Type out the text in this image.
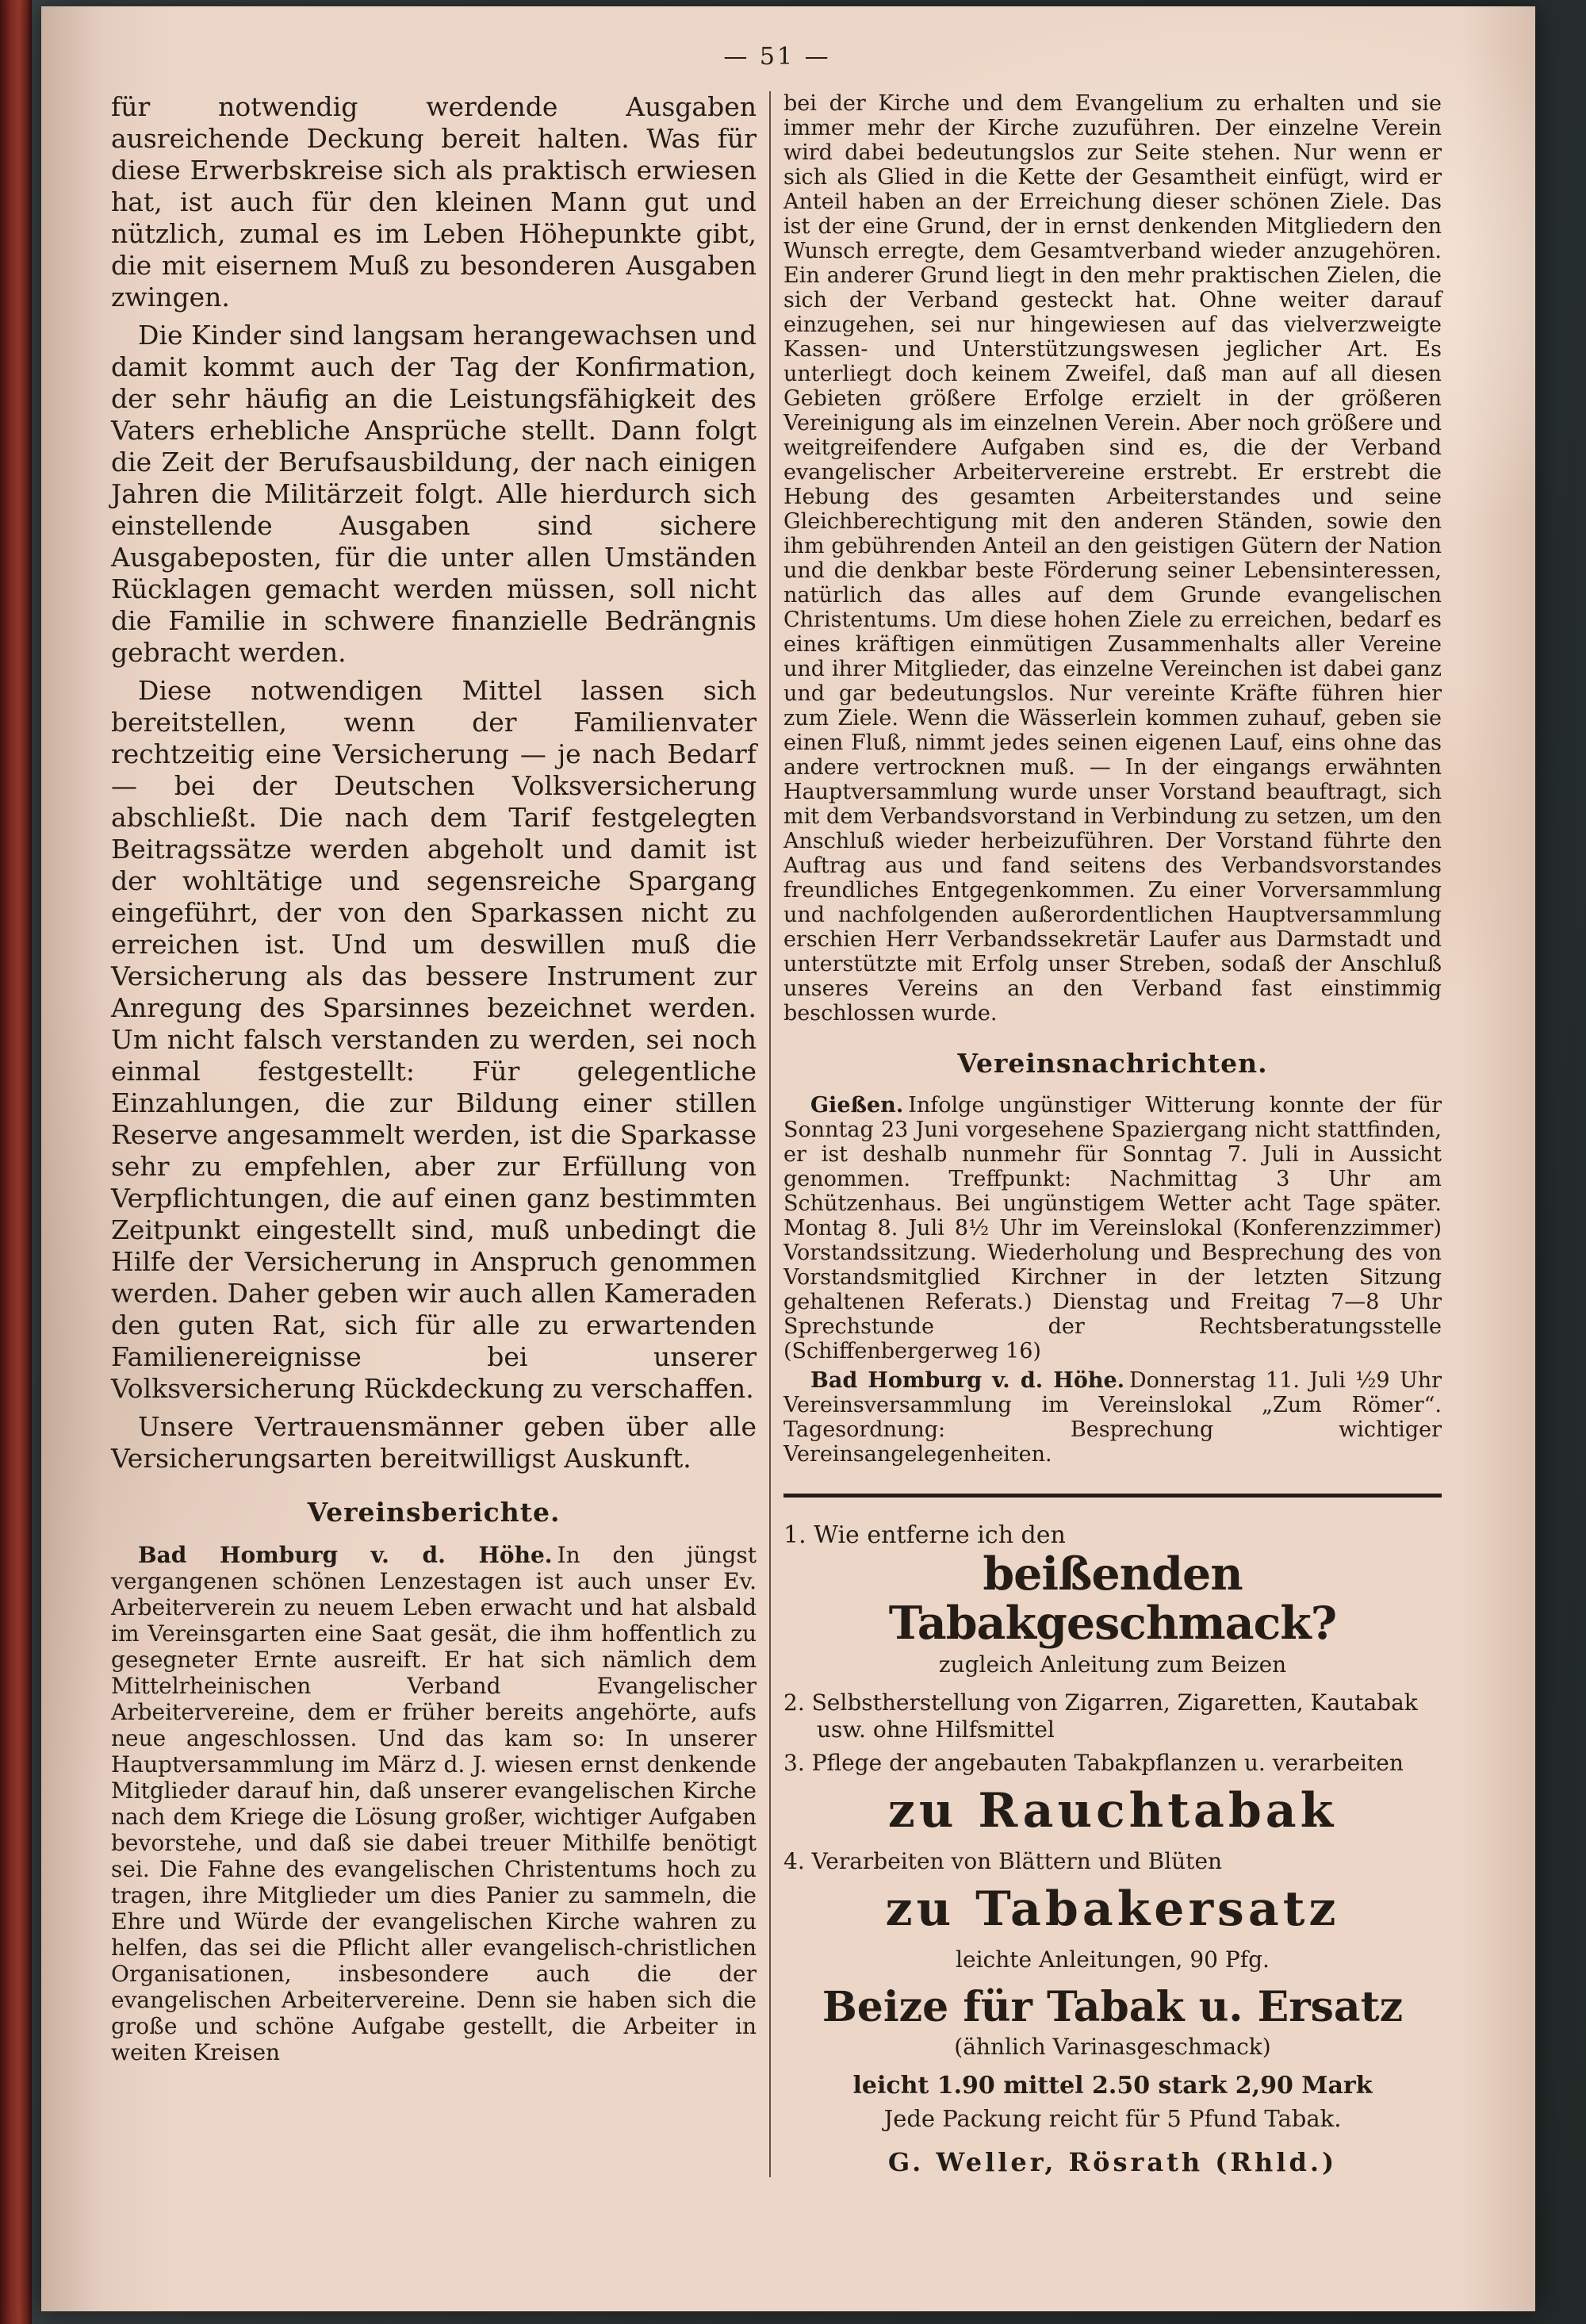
— 51 —

für notwendig werdende Ausgaben ausreichende Deckung bereit halten. Was für diese Erwerbskreise sich als praktisch erwiesen hat, ist auch für den kleinen Mann gut und nützlich, zumal es im Leben Höhepunkte gibt, die mit eisernem Muß zu besonderen Ausgaben zwingen.

Die Kinder sind langsam herangewachsen und damit kommt auch der Tag der Konfirmation, der sehr häufig an die Leistungsfähigkeit des Vaters erhebliche Ansprüche stellt. Dann folgt die Zeit der Berufsausbildung, der nach einigen Jahren die Militärzeit folgt. Alle hierdurch sich einstellende Ausgaben sind sichere Ausgabeposten, für die unter allen Umständen Rücklagen gemacht werden müssen, soll nicht die Familie in schwere finanzielle Bedrängnis gebracht werden.

Diese notwendigen Mittel lassen sich bereitstellen, wenn der Familienvater rechtzeitig eine Versicherung — je nach Bedarf — bei der Deutschen Volksversicherung abschließt. Die nach dem Tarif festgelegten Beitragssätze werden abgeholt und damit ist der wohltätige und segensreiche Spargang eingeführt, der von den Sparkassen nicht zu erreichen ist. Und um deswillen muß die Versicherung als das bessere Instrument zur Anregung des Sparsinnes bezeichnet werden. Um nicht falsch verstanden zu werden, sei noch einmal festgestellt: Für gelegentliche Einzahlungen, die zur Bildung einer stillen Reserve angesammelt werden, ist die Sparkasse sehr zu empfehlen, aber zur Erfüllung von Verpflichtungen, die auf einen ganz bestimmten Zeitpunkt eingestellt sind, muß unbedingt die Hilfe der Versicherung in Anspruch genommen werden. Daher geben wir auch allen Kameraden den guten Rat, sich für alle zu erwartenden Familienereignisse bei unserer Volksversicherung Rückdeckung zu verschaffen.

Unsere Vertrauensmänner geben über alle Versicherungsarten bereitwilligst Auskunft.

Vereinsberichte.

Bad Homburg v. d. Höhe. In den jüngst vergangenen schönen Lenzestagen ist auch unser Ev. Arbeiterverein zu neuem Leben erwacht und hat alsbald im Vereinsgarten eine Saat gesät, die ihm hoffentlich zu gesegneter Ernte ausreift. Er hat sich nämlich dem Mittelrheinischen Verband Evangelischer Arbeitervereine, dem er früher bereits angehörte, aufs neue angeschlossen. Und das kam so: In unserer Hauptversammlung im März d. J. wiesen ernst denkende Mitglieder darauf hin, daß unserer evangelischen Kirche nach dem Kriege die Lösung großer, wichtiger Aufgaben bevorstehe, und daß sie dabei treuer Mithilfe benötigt sei. Die Fahne des evangelischen Christentums hoch zu tragen, ihre Mitglieder um dies Panier zu sammeln, die Ehre und Würde der evangelischen Kirche wahren zu helfen, das sei die Pflicht aller evangelisch-christlichen Organisationen, insbesondere auch die der evangelischen Arbeitervereine. Denn sie haben sich die große und schöne Aufgabe gestellt, die Arbeiter in weiten Kreisen

bei der Kirche und dem Evangelium zu erhalten und sie immer mehr der Kirche zuzuführen. Der einzelne Verein wird dabei bedeutungslos zur Seite stehen. Nur wenn er sich als Glied in die Kette der Gesamtheit einfügt, wird er Anteil haben an der Erreichung dieser schönen Ziele. Das ist der eine Grund, der in ernst denkenden Mitgliedern den Wunsch erregte, dem Gesamtverband wieder anzugehören. Ein anderer Grund liegt in den mehr praktischen Zielen, die sich der Verband gesteckt hat. Ohne weiter darauf einzugehen, sei nur hingewiesen auf das vielverzweigte Kassen- und Unterstützungswesen jeglicher Art. Es unterliegt doch keinem Zweifel, daß man auf all diesen Gebieten größere Erfolge erzielt in der größeren Vereinigung als im einzelnen Verein. Aber noch größere und weitgreifendere Aufgaben sind es, die der Verband evangelischer Arbeitervereine erstrebt. Er erstrebt die Hebung des gesamten Arbeiterstandes und seine Gleichberechtigung mit den anderen Ständen, sowie den ihm gebührenden Anteil an den geistigen Gütern der Nation und die denkbar beste Förderung seiner Lebensinteressen, natürlich das alles auf dem Grunde evangelischen Christentums. Um diese hohen Ziele zu erreichen, bedarf es eines kräftigen einmütigen Zusammenhalts aller Vereine und ihrer Mitglieder, das einzelne Vereinchen ist dabei ganz und gar bedeutungslos. Nur vereinte Kräfte führen hier zum Ziele. Wenn die Wässerlein kommen zuhauf, geben sie einen Fluß, nimmt jedes seinen eigenen Lauf, eins ohne das andere vertrocknen muß. — In der eingangs erwähnten Hauptversammlung wurde unser Vorstand beauftragt, sich mit dem Verbandsvorstand in Verbindung zu setzen, um den Anschluß wieder herbeizuführen. Der Vorstand führte den Auftrag aus und fand seitens des Verbandsvorstandes freundliches Entgegenkommen. Zu einer Vorversammlung und nachfolgenden außerordentlichen Hauptversammlung erschien Herr Verbandssekretär Laufer aus Darmstadt und unterstützte mit Erfolg unser Streben, sodaß der Anschluß unseres Vereins an den Verband fast einstimmig beschlossen wurde.

Vereinsnachrichten.

Gießen. Infolge ungünstiger Witterung konnte der für Sonntag 23 Juni vorgesehene Spaziergang nicht stattfinden, er ist deshalb nunmehr für Sonntag 7. Juli in Aussicht genommen. Treffpunkt: Nachmittag 3 Uhr am Schützenhaus. Bei ungünstigem Wetter acht Tage später. Montag 8. Juli 8½ Uhr im Vereinslokal (Konferenzzimmer) Vorstandssitzung. Wiederholung und Besprechung des von Vorstandsmitglied Kirchner in der letzten Sitzung gehaltenen Referats.) Dienstag und Freitag 7—8 Uhr Sprechstunde der Rechtsberatungsstelle (Schiffenbergerweg 16)

Bad Homburg v. d. Höhe. Donnerstag 11. Juli ½9 Uhr Vereinsversammlung im Vereinslokal „Zum Römer“. Tagesordnung: Besprechung wichtiger Vereinsangelegenheiten.

1. Wie entferne ich den
beißenden Tabakgeschmack?
zugleich Anleitung zum Beizen
2. Selbstherstellung von Zigarren, Zigaretten, Kautabak usw. ohne Hilfsmittel
3. Pflege der angebauten Tabakpflanzen u. verarbeiten
zu Rauchtabak
4. Verarbeiten von Blättern und Blüten
zu Tabakersatz
leichte Anleitungen, 90 Pfg.
Beize für Tabak u. Ersatz
(ähnlich Varinasgeschmack)
leicht 1.90 mittel 2.50 stark 2,90 Mark
Jede Packung reicht für 5 Pfund Tabak.
G. Weller, Rösrath (Rhld.)
